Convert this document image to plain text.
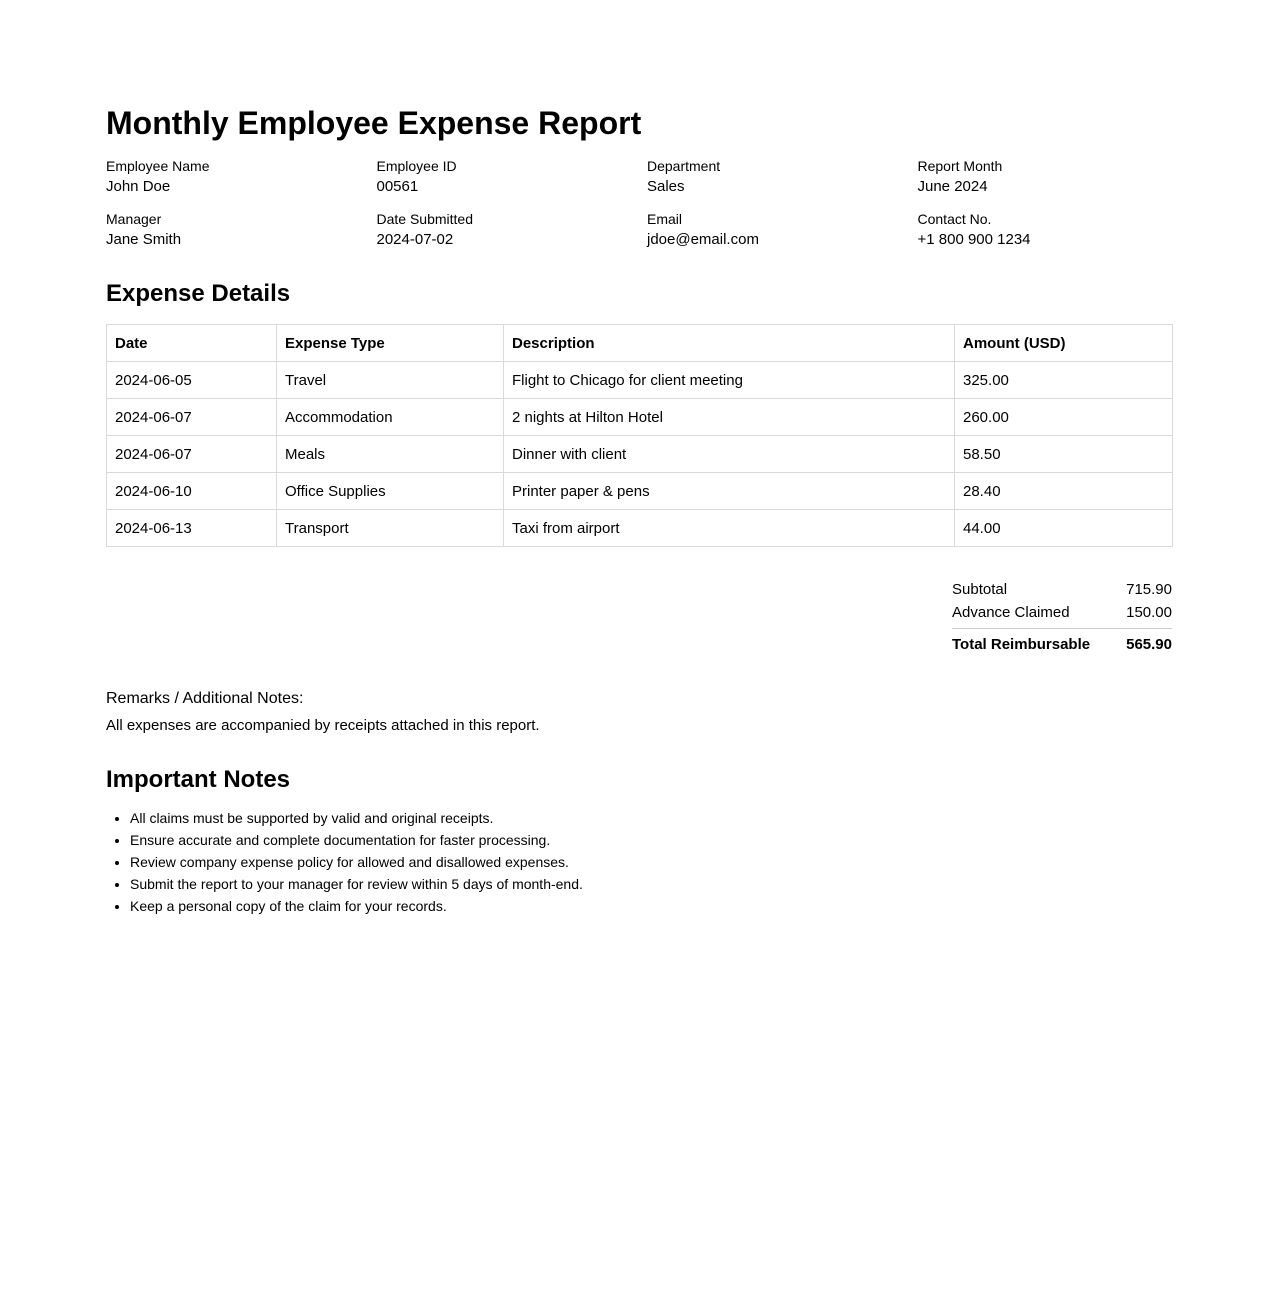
Monthly Employee Expense Report
Employee Name
John Doe
Employee ID
00561
Department
Sales
Report Month
June 2024
Manager
Jane Smith
Date Submitted
2024-07-02
Email
jdoe@email.com
Contact No.
+1 800 900 1234
Expense Details
Date	Expense Type	Description	Amount (USD)
2024-06-05	Travel	Flight to Chicago for client meeting	325.00
2024-06-07	Accommodation	2 nights at Hilton Hotel	260.00
2024-06-07	Meals	Dinner with client	58.50
2024-06-10	Office Supplies	Printer paper & pens	28.40
2024-06-13	Transport	Taxi from airport	44.00
Subtotal	715.90
Advance Claimed	150.00
Total Reimbursable 565.90
Remarks / Additional Notes:
All expenses are accompanied by receipts attached in this report.
Important Notes
• All claims must be supported by valid and original receipts.
• Ensure accurate and complete documentation for faster processing.
• Review company expense policy for allowed and disallowed expenses.
• Submit the report to your manager for review within 5 days of month-end.
• Keep a personal copy of the claim for your records.
